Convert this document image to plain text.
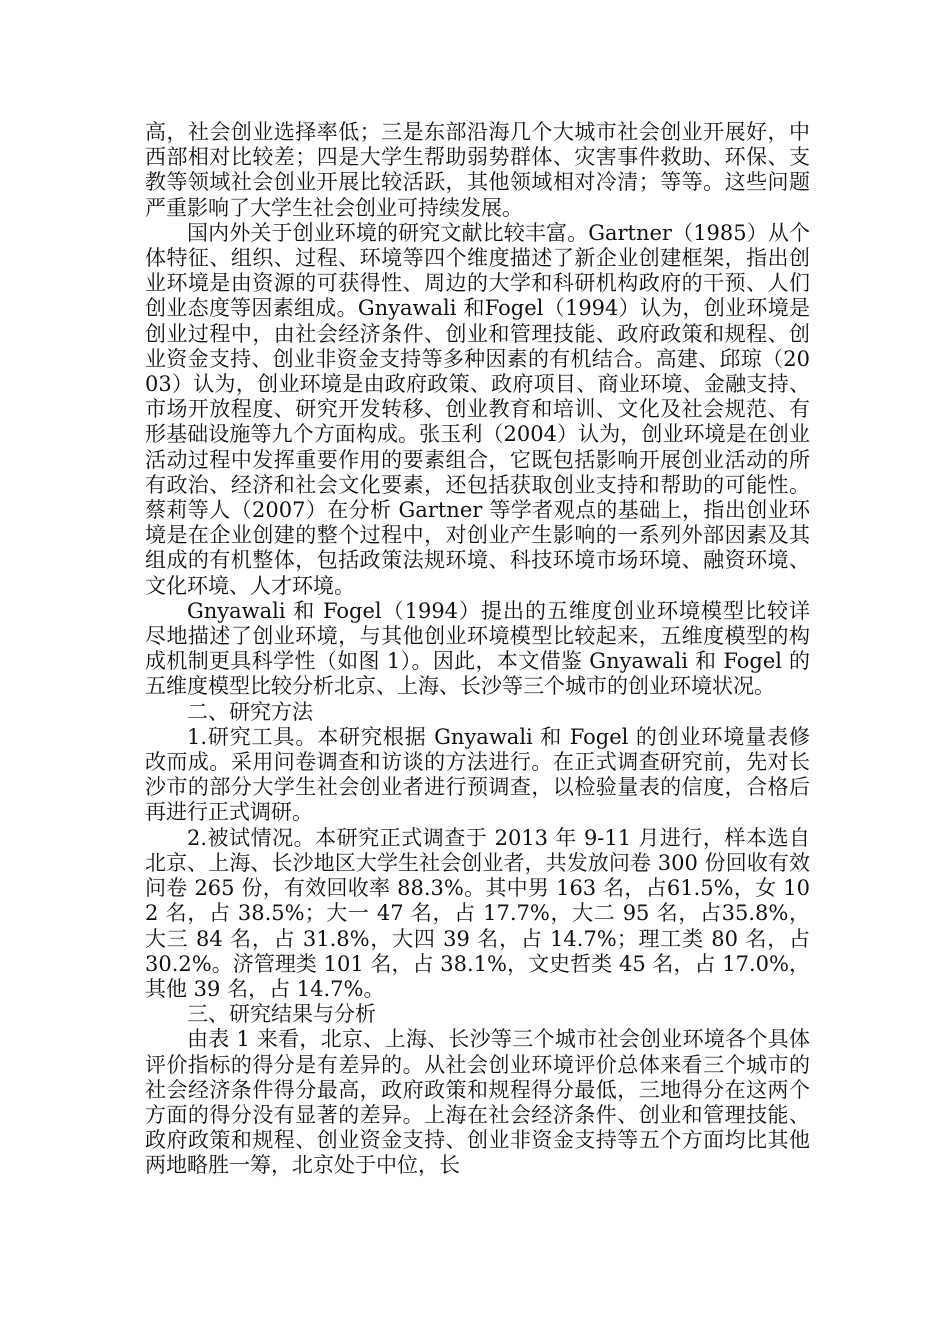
高，社会创业选择率低；三是东部沿海几个大城市社会创业开展好，中西部相对比较差；四是大学生帮助弱势群体、灾害事件救助、环保、支教等领域社会创业开展比较活跃，其他领域相对冷清；等等。这些问题严重影响了大学生社会创业可持续发展。

国内外关于创业环境的研究文献比较丰富。Gartner（1985）从个体特征、组织、过程、环境等四个维度描述了新企业创建框架，指出创业环境是由资源的可获得性、周边的大学和科研机构政府的干预、人们创业态度等因素组成。Gnyawali 和Fogel（1994）认为，创业环境是创业过程中，由社会经济条件、创业和管理技能、政府政策和规程、创业资金支持、创业非资金支持等多种因素的有机结合。高建、邱琼（2003）认为，创业环境是由政府政策、政府项目、商业环境、金融支持、市场开放程度、研究开发转移、创业教育和培训、文化及社会规范、有形基础设施等九个方面构成。张玉利（2004）认为，创业环境是在创业活动过程中发挥重要作用的要素组合，它既包括影响开展创业活动的所有政治、经济和社会文化要素，还包括获取创业支持和帮助的可能性。蔡莉等人（2007）在分析 Gartner 等学者观点的基础上，指出创业环境是在企业创建的整个过程中，对创业产生影响的一系列外部因素及其组成的有机整体，包括政策法规环境、科技环境市场环境、融资环境、文化环境、人才环境。

Gnyawali 和 Fogel（1994）提出的五维度创业环境模型比较详尽地描述了创业环境，与其他创业环境模型比较起来，五维度模型的构成机制更具科学性（如图 1）。因此，本文借鉴 Gnyawali 和 Fogel 的五维度模型比较分析北京、上海、长沙等三个城市的创业环境状况。

二、研究方法

1.研究工具。本研究根据 Gnyawali 和 Fogel 的创业环境量表修改而成。采用问卷调查和访谈的方法进行。在正式调查研究前，先对长沙市的部分大学生社会创业者进行预调查，以检验量表的信度，合格后再进行正式调研。

2.被试情况。本研究正式调查于 2013 年 9-11 月进行，样本选自北京、上海、长沙地区大学生社会创业者，共发放问卷 300 份回收有效问卷 265 份，有效回收率 88.3%。其中男 163 名，占61.5%，女 102 名，占 38.5%；大一 47 名，占 17.7%，大二 95 名，占35.8%，大三 84 名，占 31.8%，大四 39 名，占 14.7%；理工类 80 名，占 30.2%。济管理类 101 名，占 38.1%，文史哲类 45 名，占 17.0%，其他 39 名，占 14.7%。

三、研究结果与分析

由表 1 来看，北京、上海、长沙等三个城市社会创业环境各个具体评价指标的得分是有差异的。从社会创业环境评价总体来看三个城市的社会经济条件得分最高，政府政策和规程得分最低，三地得分在这两个方面的得分没有显著的差异。上海在社会经济条件、创业和管理技能、政府政策和规程、创业资金支持、创业非资金支持等五个方面均比其他两地略胜一筹，北京处于中位，长
